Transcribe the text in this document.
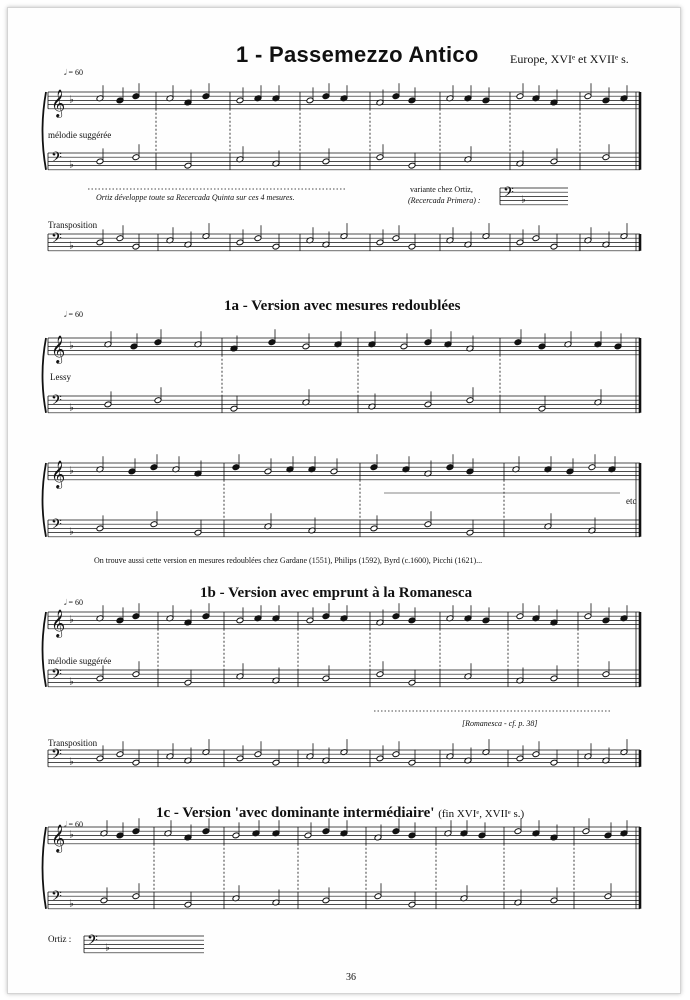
𝄞 ♭
𝄢 ♭
𝄞 ♭
𝄢 ♭
𝄞 ♭
𝄢 ♭
𝄞 ♭
𝄢 ♭
𝄞 ♭
𝄢 ♭
𝄢 ♭
𝄢 ♭
𝄢 ♭
𝄢 ♭
1 - Passemezzo Antico	Europe, XVIᵉ et XVIIᵉ s.
𝅗𝅥 = 60
mélodie suggérée
Ortiz développe toute sa Recercada Quinta sur ces 4 mesures.
variante chez Ortiz,
(Recercada Primera) :
Transposition
1a - Version avec mesures redoublées
𝅗𝅥 = 60
Lessy
etc
On trouve aussi cette version en mesures redoublées chez Gardane (1551), Philips (1592), Byrd (c.1600), Picchi (1621)...
1b - Version avec emprunt à la Romanesca
𝅗𝅥 = 60
mélodie suggérée
[Romanesca - cf. p. 38]
Transposition
1c - Version 'avec dominante intermédiaire' (fin XVIᵉ, XVIIᵉ s.)
𝅗𝅥 = 60
Ortiz :
36
